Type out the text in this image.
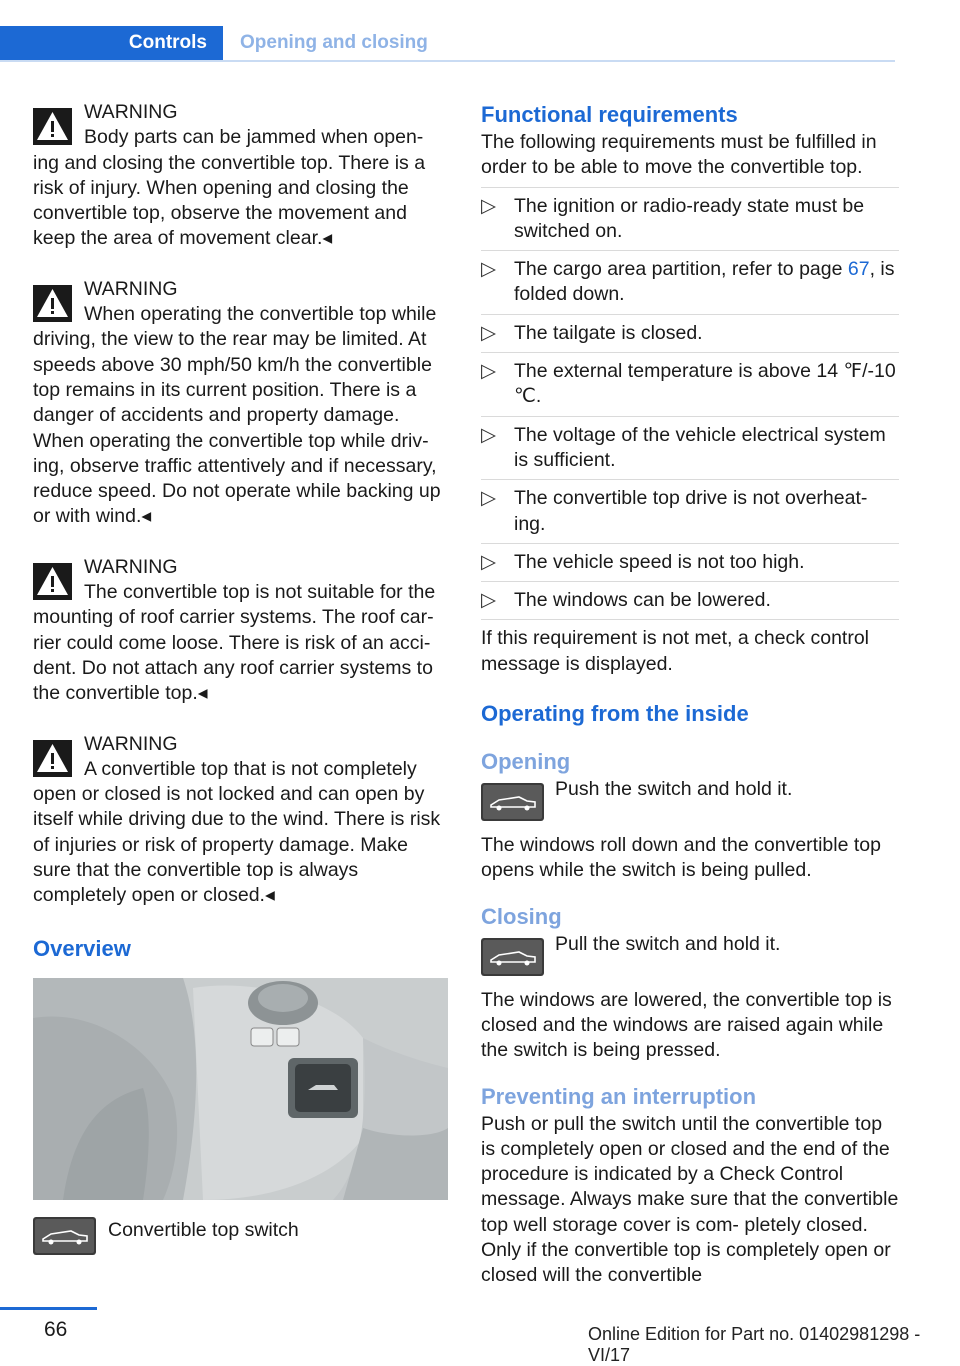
Controls Opening and closing

WARNING

Body parts can be jammed when open-

ing and closing the convertible top. There is a risk of injury. When opening and closing the convertible top, observe the movement and keep the area of movement clear.◂

WARNING

When operating the convertible top while

driving, the view to the rear may be limited. At speeds above 30 mph/50 km/h the convertible top remains in its current position. There is a danger of accidents and property damage. When operating the convertible top while driv‐ ing, observe traffic attentively and if necessary, reduce speed. Do not operate while backing up or with wind.◂

WARNING

The convertible top is not suitable for the

mounting of roof carrier systems. The roof car‐ rier could come loose. There is risk of an acci‐ dent. Do not attach any roof carrier systems to the convertible top.◂

WARNING

A convertible top that is not completely

open or closed is not locked and can open by itself while driving due to the wind. There is risk of injuries or risk of property damage. Make sure that the convertible top is always completely open or closed.◂

Overview

Convertible top switch

Functional requirements

The following requirements must be fulfilled in order to be able to move the convertible top.

▷ The ignition or radio-ready state must be switched on.
▷ The cargo area partition, refer to page 67, is folded down.
▷ The tailgate is closed.
▷ The external temperature is above 14 ℉/-10 ℃.
▷ The voltage of the vehicle electrical system is sufficient.
▷ The convertible top drive is not overheat‐ ing.
▷ The vehicle speed is not too high.
▷ The windows can be lowered.

If this requirement is not met, a check control message is displayed.

Operating from the inside
Opening

Push the switch and hold it.

The windows roll down and the convertible top opens while the switch is being pulled.

Closing

Pull the switch and hold it.

The windows are lowered, the convertible top is closed and the windows are raised again while the switch is being pressed.

Preventing an interruption

Push or pull the switch until the convertible top is completely open or closed and the end of the procedure is indicated by a Check Control message. Always make sure that the convertible top well storage cover is com‐ pletely closed. Only if the convertible top is completely open or closed will the convertible

66	Online Edition for Part no. 01402981298 - VI/17
